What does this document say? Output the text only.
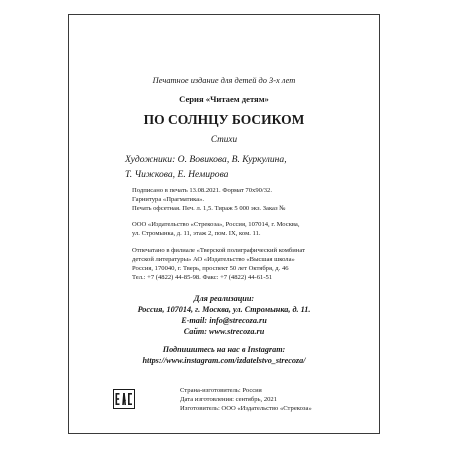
Печатное издание для детей до 3-х лет
Серия «Читаем детям»
ПО СОЛНЦУ БОСИКОМ
Стихи
Художники: О. Вовикова, В. Куркулина,
Т. Чижкова, Е. Немирова
Подписано в печать 13.08.2021. Формат 70х90/32.
Гарнитура «Прагматика».
Печать офсетная. Печ. л. 1,5. Тираж 5 000 экз. Заказ №
ООО «Издательство «Стрекоза», Россия, 107014, г. Москва,
ул. Стромынка, д. 11, этаж 2, пом. IX, ком. 11.
Отпечатано в филиале «Тверской полиграфический комбинат
детской литературы» АО «Издательство «Высшая школа»
Россия, 170040, г. Тверь, проспект 50 лет Октября, д. 46
Тел.: +7 (4822) 44-85-98. Факс: +7 (4822) 44-61-51
Для реализации:
Россия, 107014, г. Москва, ул. Стромынка, д. 11.
E-mail: info@strecoza.ru
Сайт: www.strecoza.ru
Подпишитесь на нас в Instagram:
https://www.instagram.com/izdatelstvo_strecoza/
Страна-изготовитель: Россия
Дата изготовления: сентябрь, 2021
Изготовитель: ООО «Издательство «Стрекоза»
